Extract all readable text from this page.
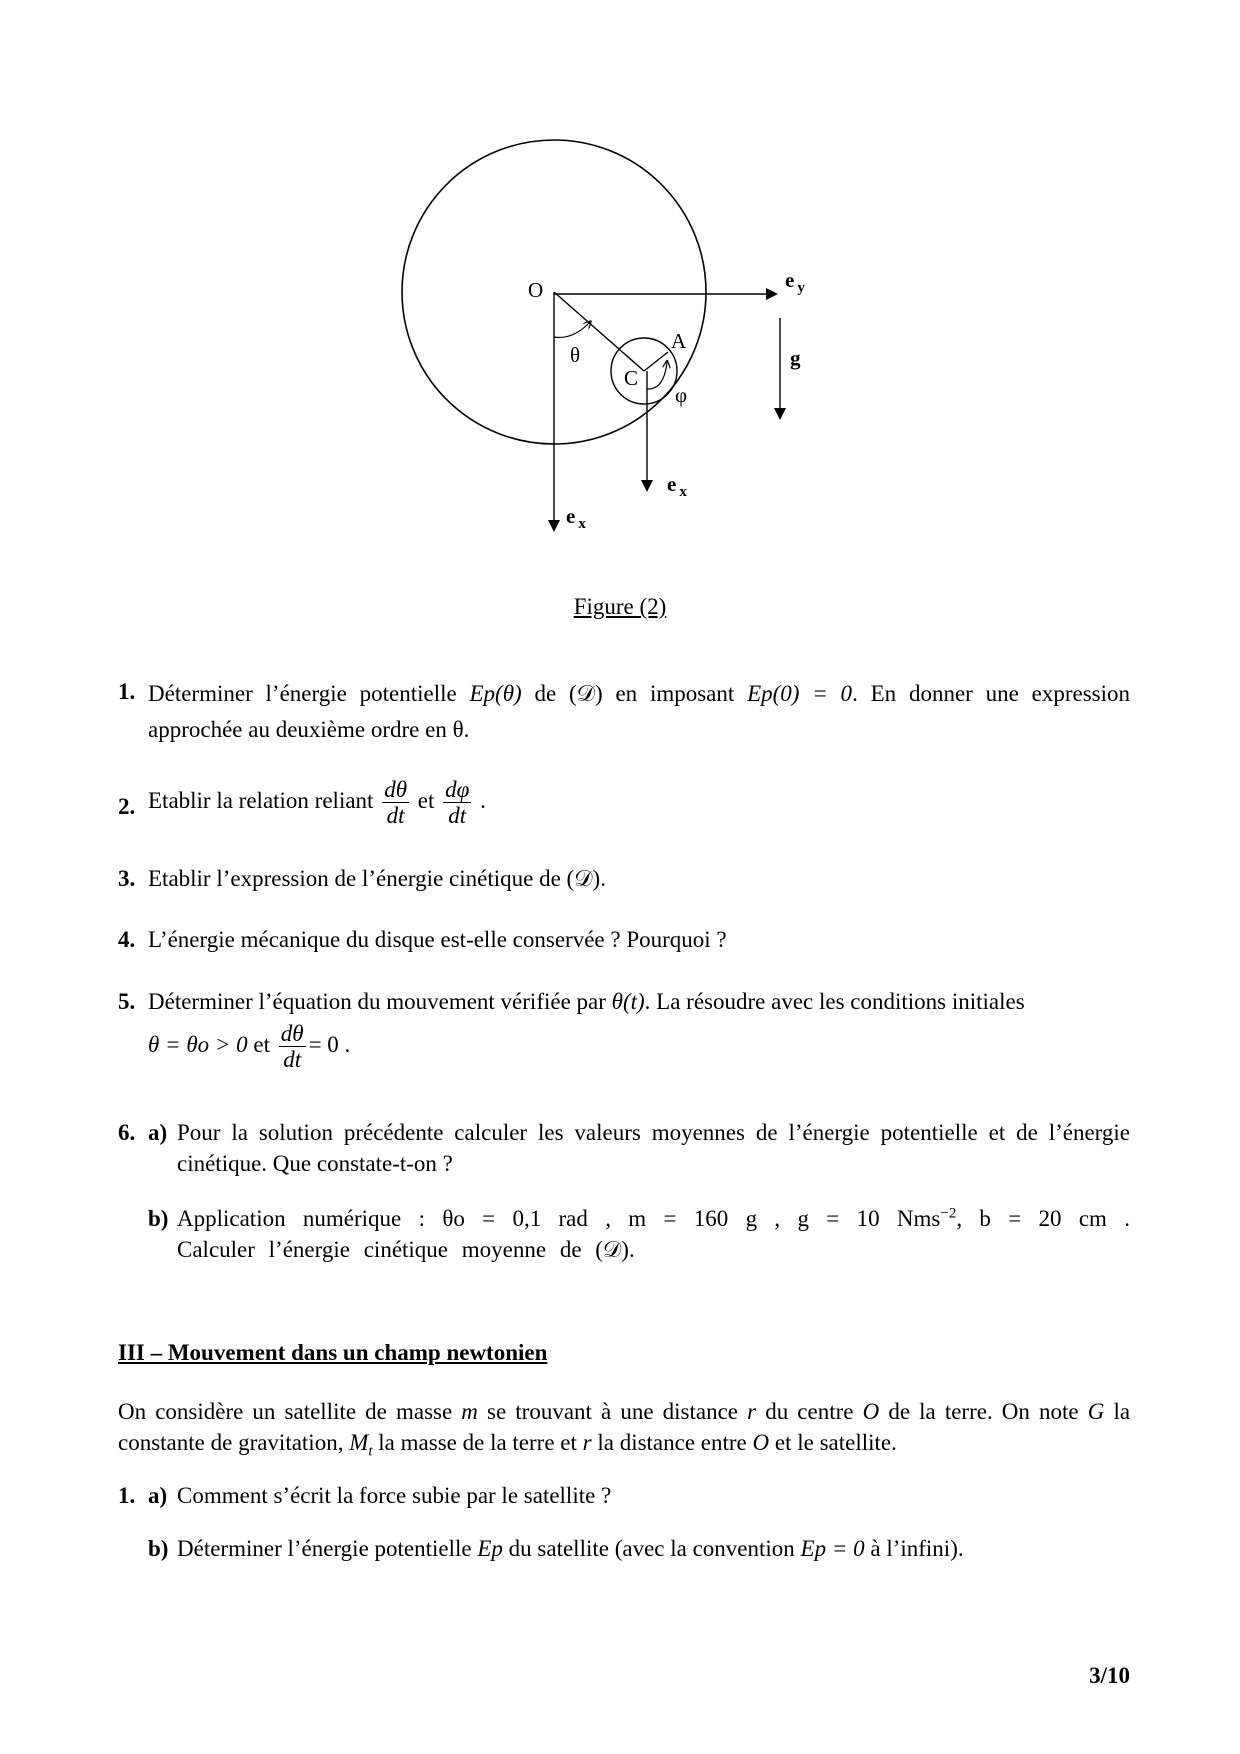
O
A
C
θ
φ
g
e $_y$
e $_x$
e $_x$
Figure (2)
1. Déterminer l’énergie potentielle Ep(θ) de (𝒟) en imposant Ep(0) = 0. En donner une expression approchée au deuxième ordre en θ.
2. Etablir la relation reliant $\frac{d\theta}{dt}$ et $\frac{d\varphi}{dt}$ .
3. Etablir l’expression de l’énergie cinétique de (𝒟).
4. L’énergie mécanique du disque est-elle conservée ? Pourquoi ?
5. Déterminer l’équation du mouvement vérifiée par θ(t). La résoudre avec les conditions initiales
θ = θo > 0 et $\frac{d\theta}{dt} = 0$ .
6. a) Pour la solution précédente calculer les valeurs moyennes de l’énergie potentielle et de l’énergie cinétique. Que constate-t-on ?
b) Application numérique : θo = 0,1 rad , m = 160 g , g = 10 Nms$^{-2}$, b = 20 cm . Calculer l’énergie cinétique moyenne de (𝒟).
III – Mouvement dans un champ newtonien
On considère un satellite de masse m se trouvant à une distance r du centre O de la terre. On note G la constante de gravitation, $M_t$ la masse de la terre et r la distance entre O et le satellite.
1. a) Comment s’écrit la force subie par le satellite ?
b) Déterminer l’énergie potentielle Ep du satellite (avec la convention Ep = 0 à l’infini).
3/10
